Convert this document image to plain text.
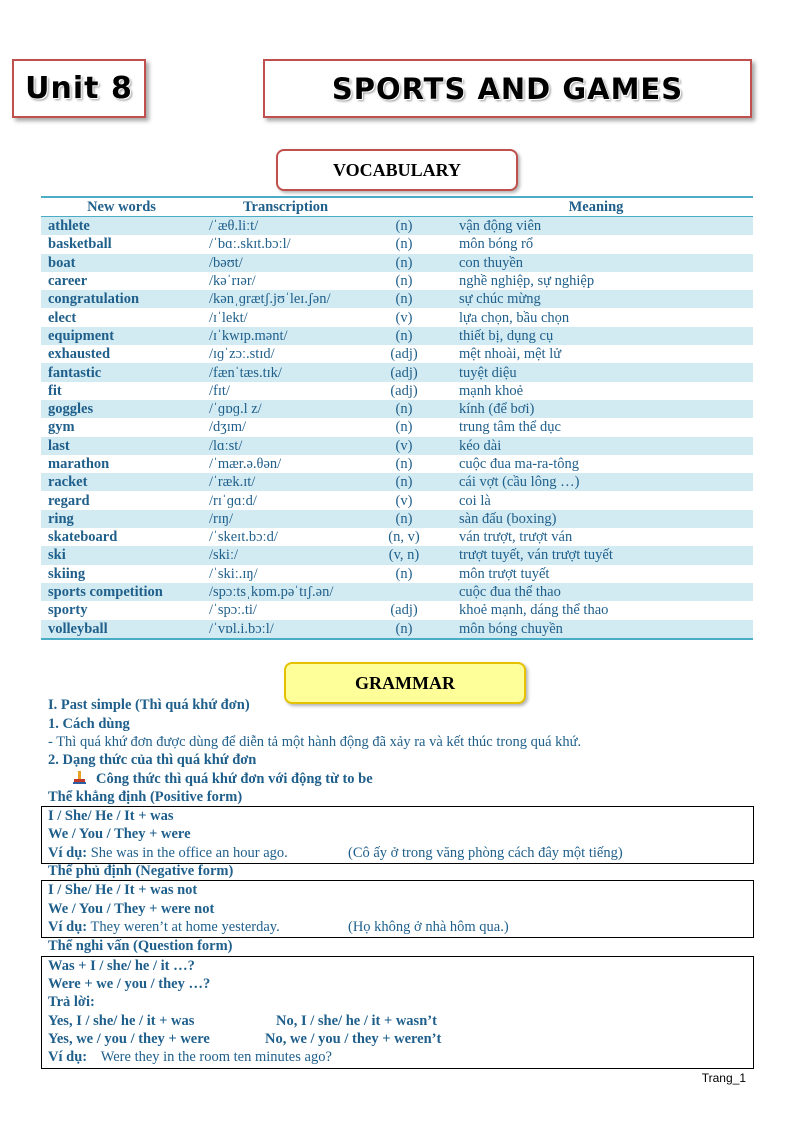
Unit 8	SPORTS AND GAMES
VOCABULARY
New words	Transcription		Meaning
athlete	/ˈæθ.liːt/	(n)	vận động viên
basketball	/ˈbɑː.skɪt.bɔːl/	(n)	môn bóng rổ
boat	/bəʊt/	(n)	con thuyền
career	/kəˈrɪər/	(n)	nghề nghiệp, sự nghiệp
congratulation	/kənˌɡrætʃ.jʊˈleɪ.ʃən/	(n)	sự chúc mừng
elect	/ɪˈlekt/	(v)	lựa chọn, bầu chọn
equipment	/ɪˈkwɪp.mənt/	(n)	thiết bị, dụng cụ
exhausted	/ɪɡˈzɔː.stɪd/	(adj)	mệt nhoài, mệt lử
fantastic	/fænˈtæs.tɪk/	(adj)	tuyệt diệu
fit	/fɪt/	(adj)	mạnh khoẻ
goggles	/ˈɡɒɡ.l z/	(n)	kính (để bơi)
gym	/dʒɪm/	(n)	trung tâm thể dục
last	/lɑːst/	(v)	kéo dài
marathon	/ˈmær.ə.θən/	(n)	cuộc đua ma-ra-tông
racket	/ˈræk.ɪt/	(n)	cái vợt (cầu lông …)
regard	/rɪˈɡɑːd/	(v)	coi là
ring	/rɪŋ/	(n)	sàn đấu (boxing)
skateboard	/ˈskeɪt.bɔːd/	(n, v)	ván trượt, trượt ván
ski	/skiː/	(v, n)	trượt tuyết, ván trượt tuyết
skiing	/ˈskiː.ɪŋ/	(n)	môn trượt tuyết
sports competition	/spɔːtsˌkɒm.pəˈtɪʃ.ən/		cuộc đua thể thao
sporty	/ˈspɔː.ti/	(adj)	khoẻ mạnh, dáng thể thao
volleyball	/ˈvɒl.i.bɔːl/	(n)	môn bóng chuyền
GRAMMAR
I. Past simple (Thì quá khứ đơn)
1. Cách dùng
- Thì quá khứ đơn được dùng để diễn tả một hành động đã xảy ra và kết thúc trong quá khứ.
2. Dạng thức của thì quá khứ đơn
Công thức thì quá khứ đơn với động từ to be
Thể khẳng định (Positive form)
I / She/ He / It + was
We / You / They + were
Ví dụ: She was in the office an hour ago.	(Cô ấy ở trong văng phòng cách đây một tiếng)
Thể phủ định (Negative form)
I / She/ He / It + was not
We / You / They + were not
Ví dụ: They weren’t at home yesterday.	(Họ không ở nhà hôm qua.)
Thể nghi vấn (Question form)
Was + I / she/ he / it …?
Were + we / you / they …?
Trả lời:
Yes, I / she/ he / it + was	No, I / she/ he / it + wasn’t
Yes, we / you / they + were	No, we / you / they + weren’t
Ví dụ: Were they in the room ten minutes ago?
Trang_1
